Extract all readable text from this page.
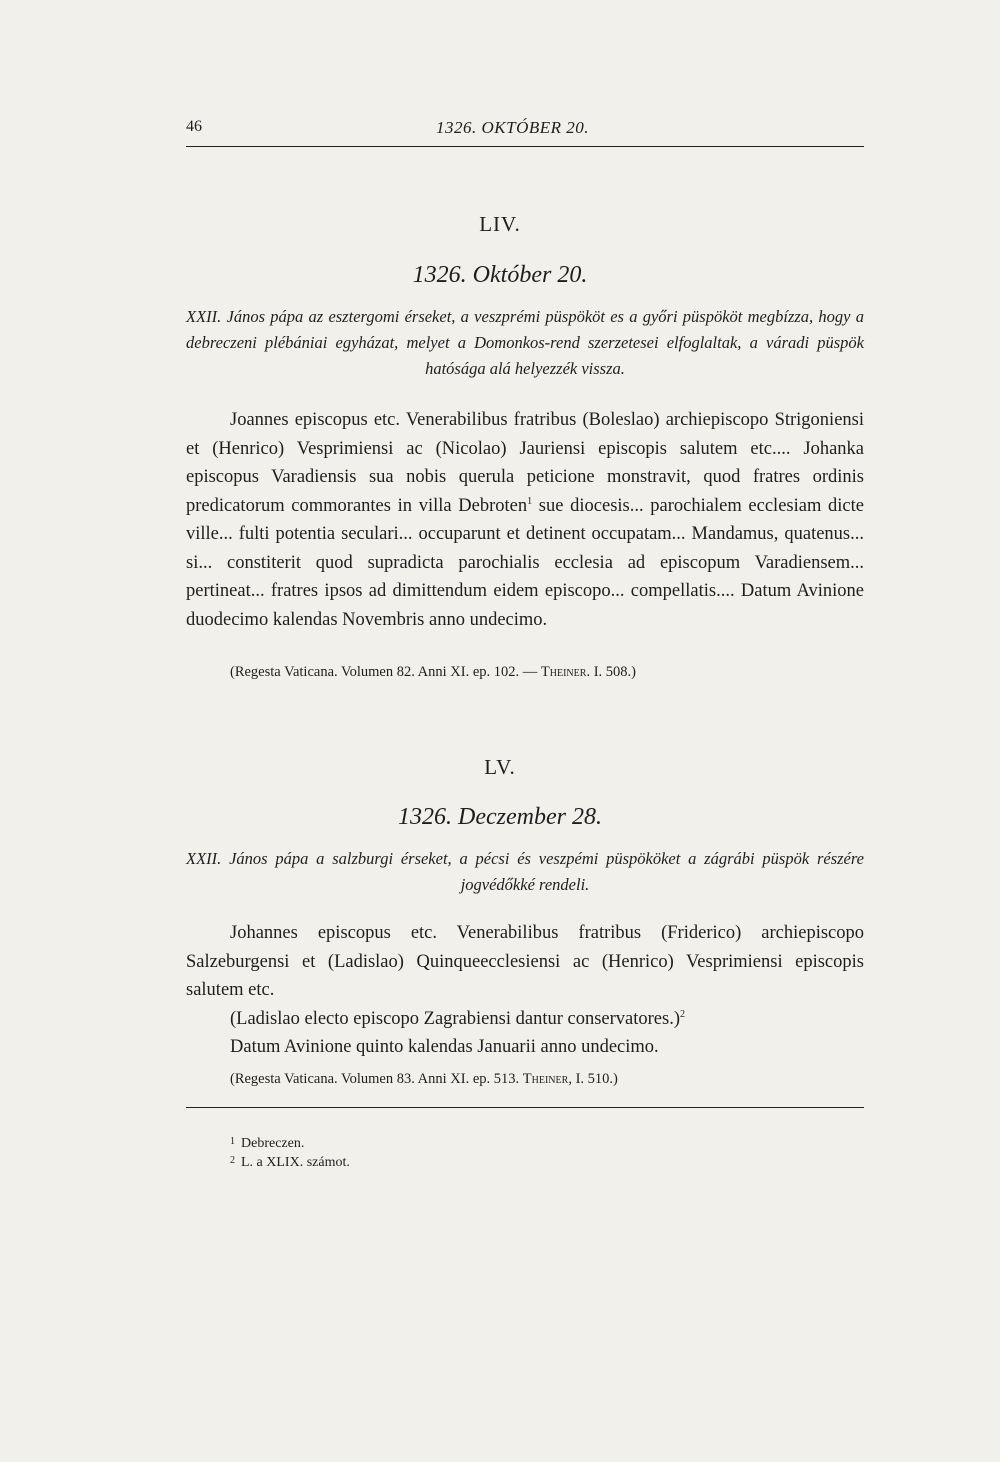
46	1326. OKTÓBER 20.
LIV.
1326. Október 20.
XXII. János pápa az esztergomi érseket, a veszprémi püspököt es a győri püspököt megbízza, hogy a debreczeni plébániai egyházat, melyet a Domonkos-rend szerzetesei elfoglaltak, a váradi püspök hatósága alá helyezzék vissza.

Joannes episcopus etc. Venerabilibus fratribus (Boleslao) archiepiscopo Strigoniensi et (Henrico) Vesprimiensi ac (Nicolao) Jauriensi episcopis salutem etc.... Johanka episcopus Varadiensis sua nobis querula peticione monstravit, quod fratres ordinis predicatorum commorantes in villa Debroten$^1$ sue diocesis... parochialem ecclesiam dicte ville... fulti potentia seculari... occuparunt et detinent occupatam... Mandamus, quatenus... si... constiterit quod supradicta parochialis ecclesia ad episcopum Varadiensem... pertineat... fratres ipsos ad dimittendum eidem episcopo... compellatis.... Datum Avinione duodecimo kalendas Novembris anno undecimo.

(Regesta Vaticana. Volumen 82. Anni XI. ep. 102. — Theiner. I. 508.)
LV.
1326. Deczember 28.
XXII. János pápa a salzburgi érseket, a pécsi és veszpémi püspököket a zágrábi püspök részére jogvédőkké rendeli.

Johannes episcopus etc. Venerabilibus fratribus (Friderico) archiepiscopo Salzeburgensi et (Ladislao) Quinqueecclesiensi ac (Henrico) Vesprimiensi episcopis salutem etc.

(Ladislao electo episcopo Zagrabiensi dantur conservatores.)$^2$

Datum Avinione quinto kalendas Januarii anno undecimo.

(Regesta Vaticana. Volumen 83. Anni XI. ep. 513. Theiner, I. 510.)
1 Debreczen.
2 L. a XLIX. számot.
